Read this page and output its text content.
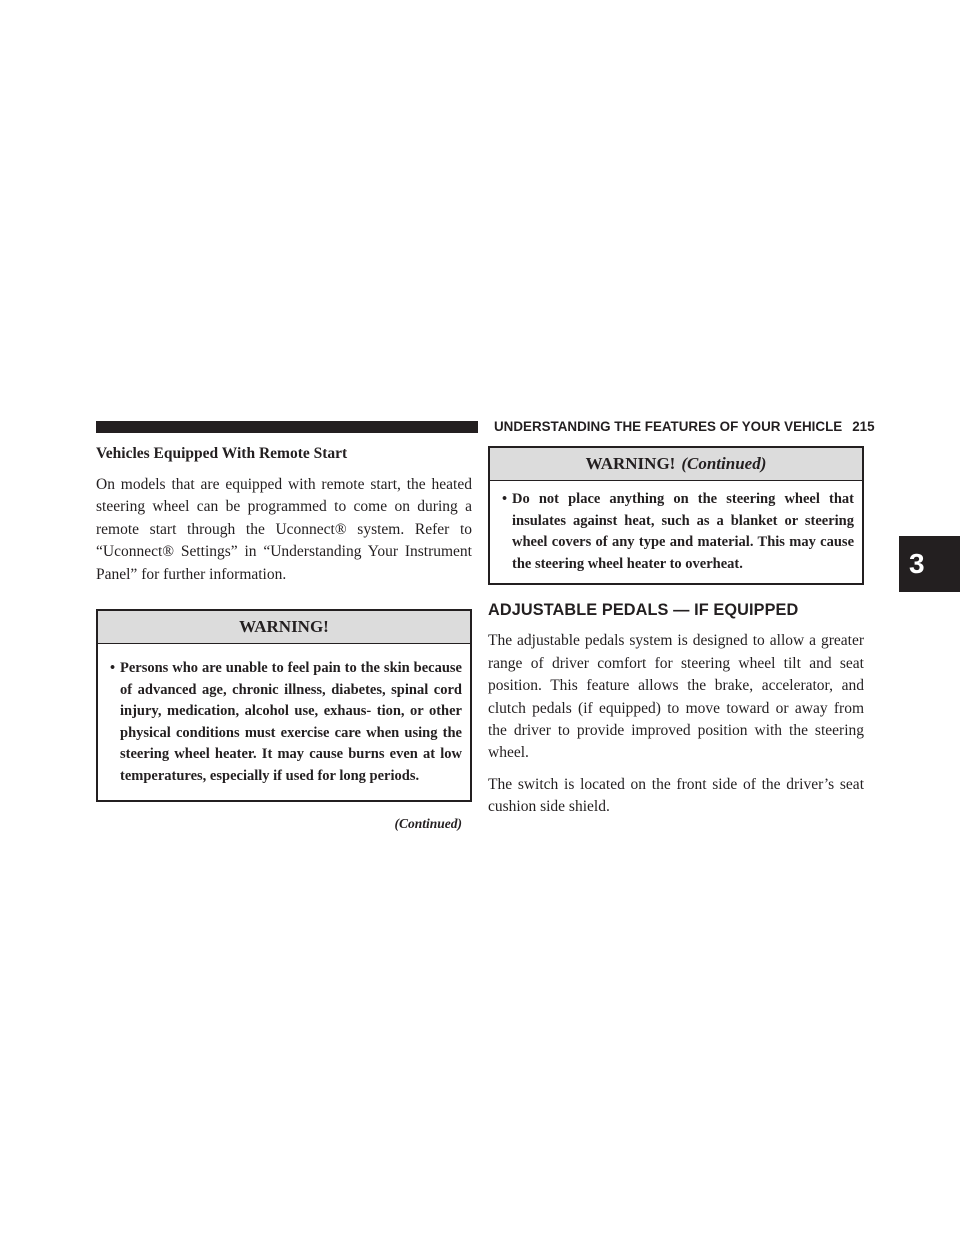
UNDERSTANDING THE FEATURES OF YOUR VEHICLE 215
3

Vehicles Equipped With Remote Start

On models that are equipped with remote start, the heated steering wheel can be programmed to come on during a remote start through the Uconnect® system. Refer to “Uconnect® Settings” in “Understanding Your Instrument Panel” for further information.

WARNING!
• Persons who are unable to feel pain to the skin because of advanced age, chronic illness, diabetes, spinal cord injury, medication, alcohol use, exhaus- tion, or other physical conditions must exercise care when using the steering wheel heater. It may cause burns even at low temperatures, especially if used for long periods.
(Continued)
WARNING! (Continued)
• Do not place anything on the steering wheel that insulates against heat, such as a blanket or steering wheel covers of any type and material. This may cause the steering wheel heater to overheat.
ADJUSTABLE PEDALS — IF EQUIPPED

The adjustable pedals system is designed to allow a greater range of driver comfort for steering wheel tilt and seat position. This feature allows the brake, accelerator, and clutch pedals (if equipped) to move toward or away from the driver to provide improved position with the steering wheel.

The switch is located on the front side of the driver’s seat cushion side shield.
